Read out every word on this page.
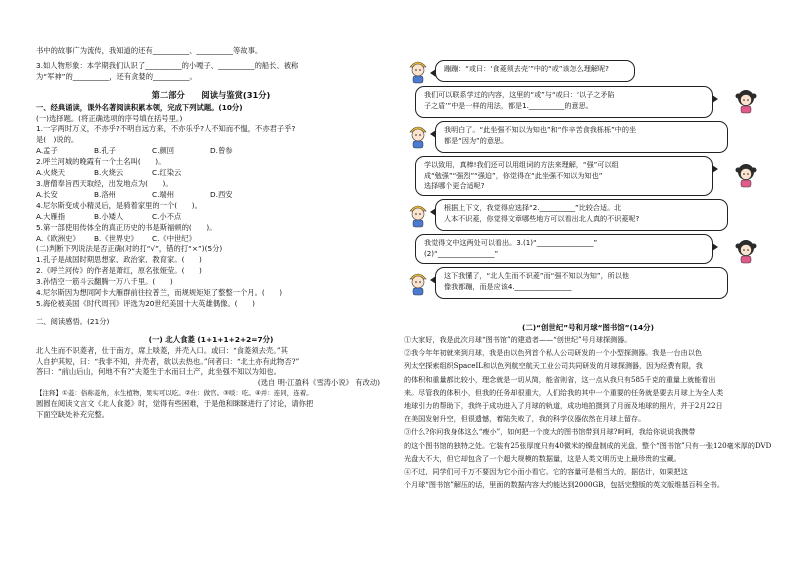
书中的故事广为流传，我知道的还有__________、__________等故事。
3.如人物形象：本学期我们认识了__________的小嘎子、__________的船长、被称
为“军神”的__________，还有贪婪的__________。
第二部分　　阅读与鉴赏(31分)
一、经典诵读，课外名著阅读积累本领，完成下列试题。(10分)
(一)选择题。(将正确选项的序号填在括号里。)
1.一字两时万义，不亦乎?不明自远方来，不亦乐乎?人不知而不愠，不亦君子乎?
是(　)说的。
A.孟子	B.孔子	C.颜回	D.曾参
2.呼兰河城的晚霞有一个土名叫(　　)。
A.火烧天	B.火烧云	C.红染云
3.唐僧奉旨西天取经，出发地点为(　　)。
A.长安	B.洛州	C.端州	D.西安
4.尼尔斯变成小精灵后，是骑着家里的一个(　　)。
A.大雁指	B.小矮人	C.小不点
5.第一部使用传体全的真正历史的书是斯福顿的(　　)。
A.《欧洲史》	B.《世界史》	C.《中世纪》
(二)判断下列说法是否正确(对的打“√”，错的打“×”)(5分)
1.孔子是战国时期思想家、政治家、教育家。(　　)
2.《呼兰河传》的作者是萧红，原名张娅莹。(　　)
3.孙悟空一筋斗云翻腾一万八千里。(　　)
4.尼尔斯因为想同阿卡大雁群前往拉普兰，而规规矩矩了整整一个月。(　　)
5.海伦被美国《时代周刊》评选为20世纪美国十大英雄偶像。(　　)
二、阅读感悟。(21分)
(一) 北人食菱 (1+1+1+2+2=7分)
北人生而不识菱者，仕于南方，席上啖菱，并壳入口。或曰：“食菱须去壳。”其
人自护其短，曰：“我非不知，并壳者，欲以去热也。”问者曰：“北土亦有此物否?”
答曰：“前山后山，何地不有?”夫菱生于水而曰土产，此坐强不知以为知也。
(选自 明·江盈科《雪涛小说》 有改动)
【注释】①菱：俗称菱角，水生植物，果实可以吃。②仕：做官。③啖：吃。④并：连同，连着。
圆圆在阅读文言文《北人食菱》时，觉得有些困难，于是他和眯眯进行了讨论，请你把
下面空缺处补充完整。
蹦蹦：“或曰：‘食菱须去壳’”中的“或”该怎么理解呢?
我们可以联系学过的内容，这里的“或”与“或曰：‘以子之矛陷
子之盾’”中是一样的用法，都是1.__________的意思。
我明白了。“此坐强不知以为知也”和“作辛苦食我栎栎”中的坐
都是“因为”的意思。
学以致用，真棒!我们还可以用组词的方法来理解，“强”可以组
成“勉强”“强烈”“强迫”，你觉得在“此坐强不知以为知也”
选择哪个更合适呢?
根据上下文，我觉得应选择“2.__________”比较合适。北
人本不识菱，你觉得文章哪些地方可以看出北人真的不识菱呢?
我觉得文中这两处可以看出。3.(1)“________________”
(2)“________________”
这下我懂了，“北人生而不识菱”而“强不知以为知”，所以他
像我都蹦，而是应该4.________________
(二)“创世纪”号和月球“图书馆”(14分)
①大家好，我是此次月球“图书馆”的建造者——“创世纪”号月球探测器。
②我今年年初就来到月球，我是由以色列首个私人公司研发的一个小型探测器。我是一台由以色
列太空探索组织SpaceIL和以色列航空航天工业公司共同研发的月球探测器，因为经费有限，我
的体积和重量都比较小，理念就是一切从简，能省则省，这一点从我只有585千克的重量上就能看出
来。尽管我的体积小，但我的任务却很重大，人们给我的其中一个重要的任务就是要去月球上为全人类
地球引力的帮助下，我终于成功进入了月球的轨道，成功地拍摄到了月面及地球的照片，并于2月22日
在美国发射升空，但很遗憾，着陆失败了，我的科学仪器依然在月球上留存。
③什么?你问我身体这么“瘦小”，如何把一个庞大的图书馆带到月球?呵呵，我给你说说我携带
的这个图书馆的独特之处。它装有25张厚度只有40微米的镍盘制成的光盘，整个“图书馆”只有一张120毫米厚的DVD
光盘大不大，但它却包含了一个超大规模的数据量，这是人类文明历史上最珍贵的宝藏。
④不过，同学们可千万不要因为它小而小看它。它的容量可是相当大的，据估计，如果把这
个月球“图书馆”解压的话，里面的数据内容大约能达到2000GB，包括完整版的英文版维基百科全书。
